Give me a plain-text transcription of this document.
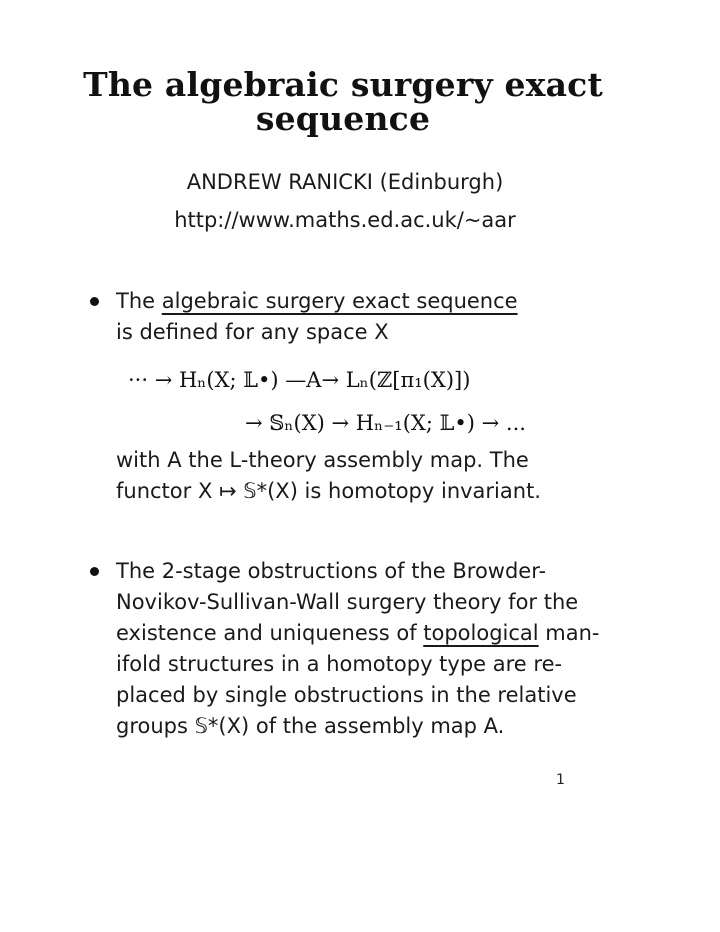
The algebraic surgery exact sequence
ANDREW RANICKI (Edinburgh)
http://www.maths.ed.ac.uk/~aar
The algebraic surgery exact sequence
is defined for any space X
··· → Hₙ(X; 𝕃•) —A→ Lₙ(ℤ[π₁(X)])
→ 𝕊ₙ(X) → Hₙ₋₁(X; 𝕃•) → ...
with A the L-theory assembly map. The
functor X ↦ 𝕊*(X) is homotopy invariant.
The 2-stage obstructions of the Browder-
Novikov-Sullivan-Wall surgery theory for the
existence and uniqueness of topological man-
ifold structures in a homotopy type are re-
placed by single obstructions in the relative
groups 𝕊*(X) of the assembly map A.
1
